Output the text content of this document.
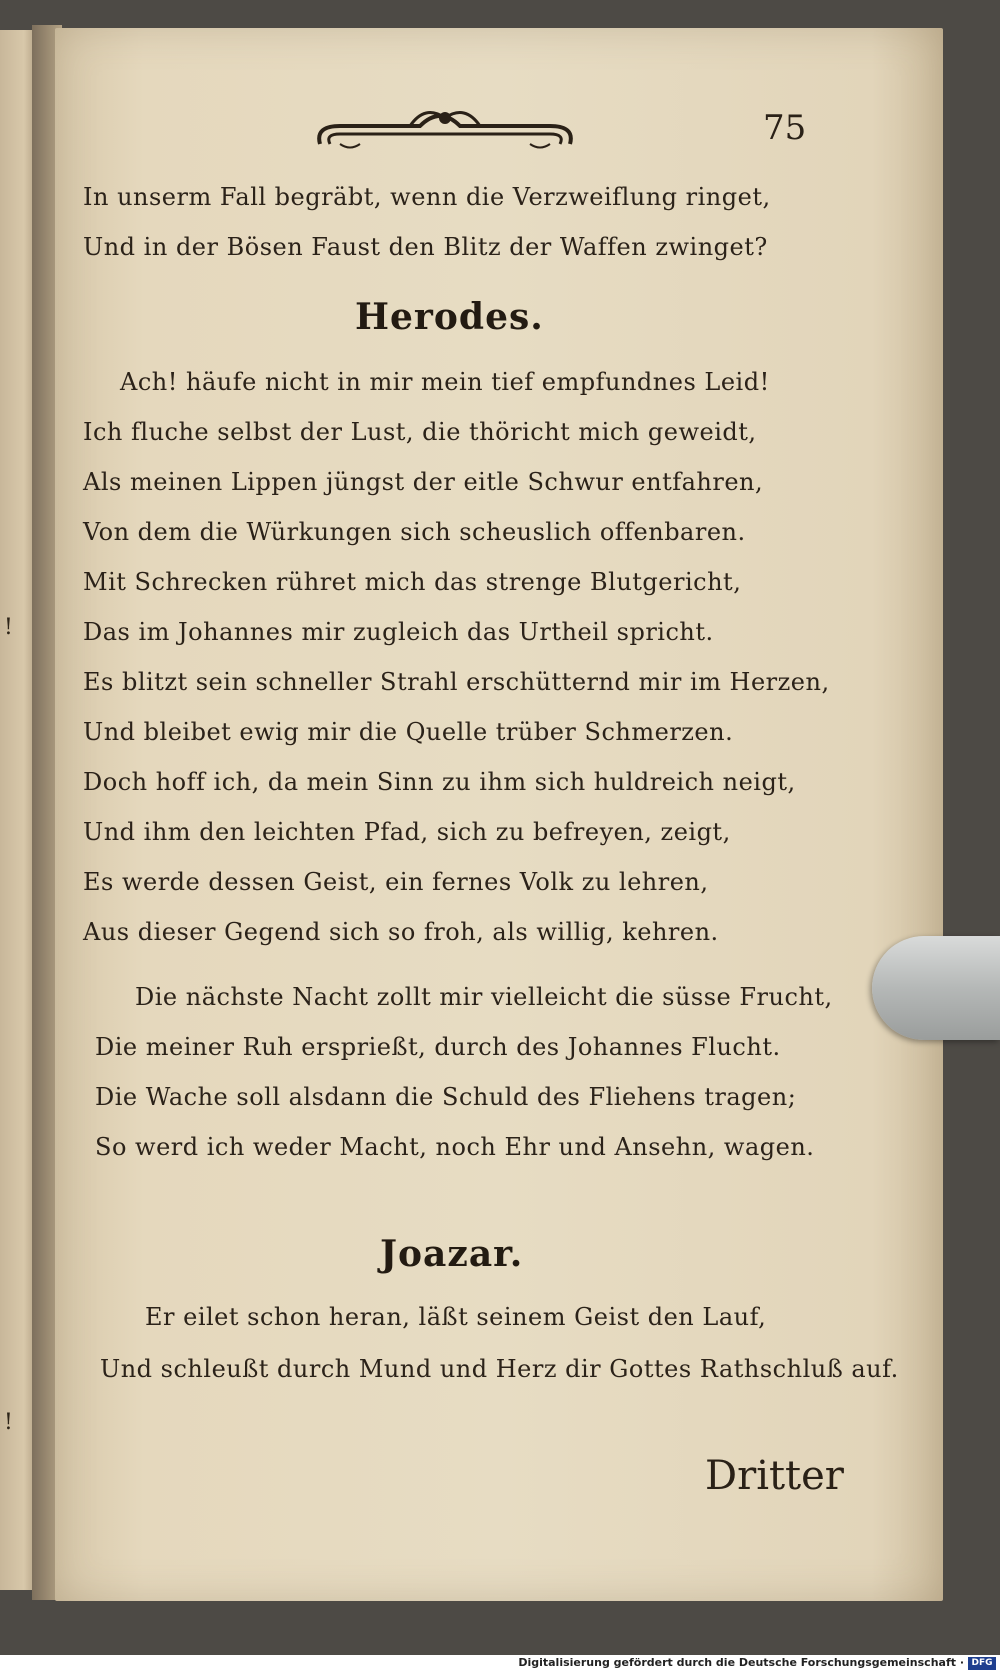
!
!
75
In unserm Fall begräbt, wenn die Verzweiflung ringet,
Und in der Bösen Faust den Blitz der Waffen zwinget?
Herodes.
Ach! häufe nicht in mir mein tief empfundnes Leid!
Ich fluche selbst der Lust, die thöricht mich geweidt,
Als meinen Lippen jüngst der eitle Schwur entfahren,
Von dem die Würkungen sich scheuslich offenbaren.
Mit Schrecken rühret mich das strenge Blutgericht,
Das im Johannes mir zugleich das Urtheil spricht.
Es blitzt sein schneller Strahl erschütternd mir im Herzen,
Und bleibet ewig mir die Quelle trüber Schmerzen.
Doch hoff ich, da mein Sinn zu ihm sich huldreich neigt,
Und ihm den leichten Pfad, sich zu befreyen, zeigt,
Es werde dessen Geist, ein fernes Volk zu lehren,
Aus dieser Gegend sich so froh, als willig, kehren.
Die nächste Nacht zollt mir vielleicht die süsse Frucht,
Die meiner Ruh ersprießt, durch des Johannes Flucht.
Die Wache soll alsdann die Schuld des Fliehens tragen;
So werd ich weder Macht, noch Ehr und Ansehn, wagen.
Joazar.
Er eilet schon heran, läßt seinem Geist den Lauf,
Und schleußt durch Mund und Herz dir Gottes Rathschluß auf.
Dritter
Digitalisierung gefördert durch die Deutsche Forschungsgemeinschaft · DFG
